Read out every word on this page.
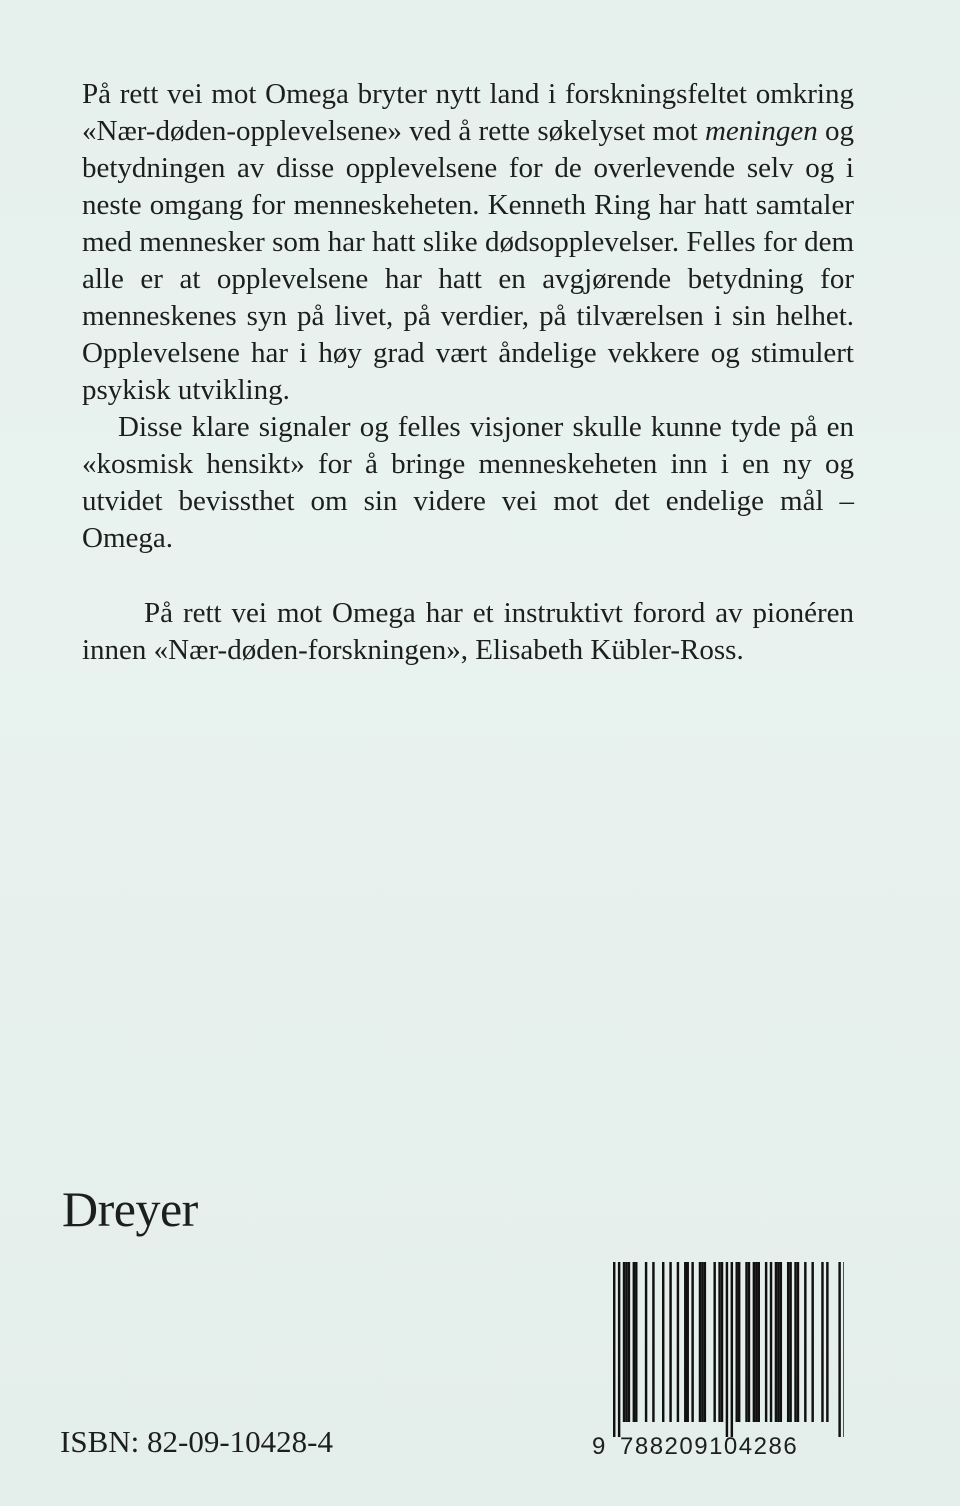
På rett vei mot Omega bryter nytt land i forskningsfeltet omkring «Nær-døden-opplevelsene» ved å rette søkelyset mot meningen og betydningen av disse opplevelsene for de overlevende selv og i neste omgang for menneskeheten. Kenneth Ring har hatt samtaler med mennesker som har hatt slike dødsopplevelser. Felles for dem alle er at opplevelsene har hatt en avgjørende betydning for menneskenes syn på livet, på verdier, på tilværelsen i sin helhet. Opplevelsene har i høy grad vært åndelige vekkere og stimulert psykisk utvikling.

Disse klare signaler og felles visjoner skulle kunne tyde på en «kosmisk hensikt» for å bringe menneskeheten inn i en ny og utvidet bevissthet om sin videre vei mot det endelige mål – Omega.

På rett vei mot Omega har et instruktivt forord av pionéren innen «Nær-døden-forskningen», Elisabeth Kübler-Ross.

Dreyer
ISBN: 82-09-10428-4	9 788209104286
